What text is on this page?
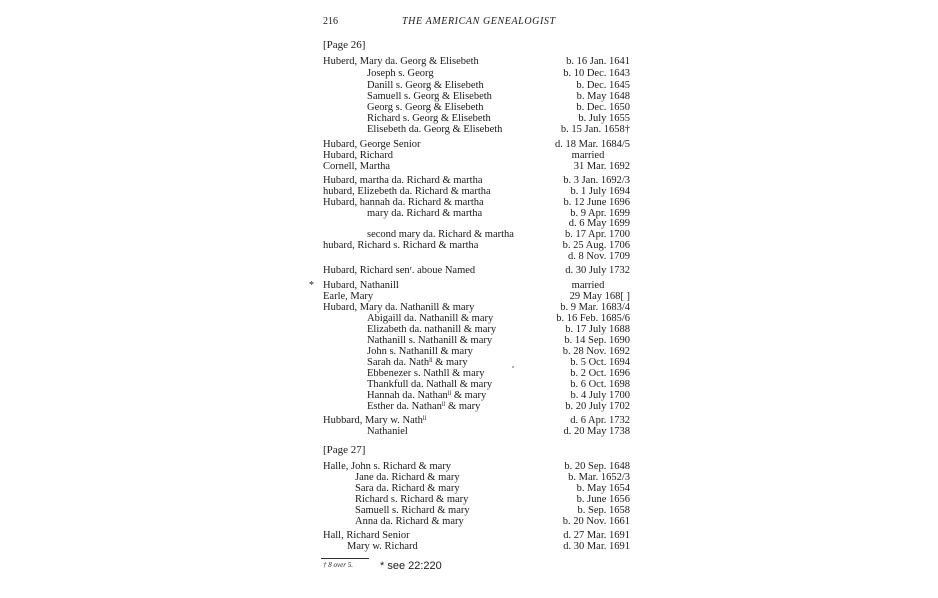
216	THE AMERICAN GENEALOGIST
[Page 26]
Huberd, Mary da. Georg & Elisebeth	b. 16 Jan. 1641
Joseph s. Georg	b. 10 Dec. 1643
Danill s. Georg & Elisebeth	b. Dec. 1645
Samuell s. Georg & Elisebeth	b. May 1648
Georg s. Georg & Elisebeth	b. Dec. 1650
Richard s. Georg & Elisebeth	b. July 1655
Elisebeth da. Georg & Elisebeth	b. 15 Jan. 1658†
Hubard, George Senior	d. 18 Mar. 1684/5
Hubard, Richard	married
Cornell, Martha	31 Mar. 1692
Hubard, martha da. Richard & martha	b. 3 Jan. 1692/3
hubard, Elizebeth da. Richard & martha	b. 1 July 1694
Hubard, hannah da. Richard & martha	b. 12 June 1696
mary da. Richard & martha	b. 9 Apr. 1699
d. 6 May 1699
second mary da. Richard & martha	b. 17 Apr. 1700
hubard, Richard s. Richard & martha	b. 25 Aug. 1706
d. 8 Nov. 1709
Hubard, Richard senʳ. aboue Named	d. 30 July 1732
* Hubard, Nathanill	married
Earle, Mary	29 May 168[ ]
Hubard, Mary da. Nathanill & mary	b. 9 Mar. 1683/4
Abigaill da. Nathanill & mary	b. 16 Feb. 1685/6
Elizabeth da. nathanill & mary	b. 17 July 1688
Nathanill s. Nathanill & mary	b. 14 Sep. 1690
John s. Nathanill & mary	b. 28 Nov. 1692
Sarah da. Nathˡˡ & mary	b. 5 Oct. 1694
Ebbenezer s. Nathll & mary	b. 2 Oct. 1696
Thankfull da. Nathall & mary	b. 6 Oct. 1698
Hannah da. Nathanˡˡ & mary	b. 4 July 1700
Esther da. Nathanˡˡ & mary	b. 20 July 1702
Hubbard, Mary w. Nathˡˡ	d. 6 Apr. 1732
Nathaniel	d. 20 May 1738
[Page 27]
Halle, John s. Richard & mary	b. 20 Sep. 1648
Jane da. Richard & mary	b. Mar. 1652/3
Sara da. Richard & mary	b. May 1654
Richard s. Richard & mary	b. June 1656
Samuell s. Richard & mary	b. Sep. 1658
Anna da. Richard & mary	b. 20 Nov. 1661
Hall, Richard Senior	d. 27 Mar. 1691
Mary w. Richard	d. 30 Mar. 1691
† 8 over 5. * see 22:220
